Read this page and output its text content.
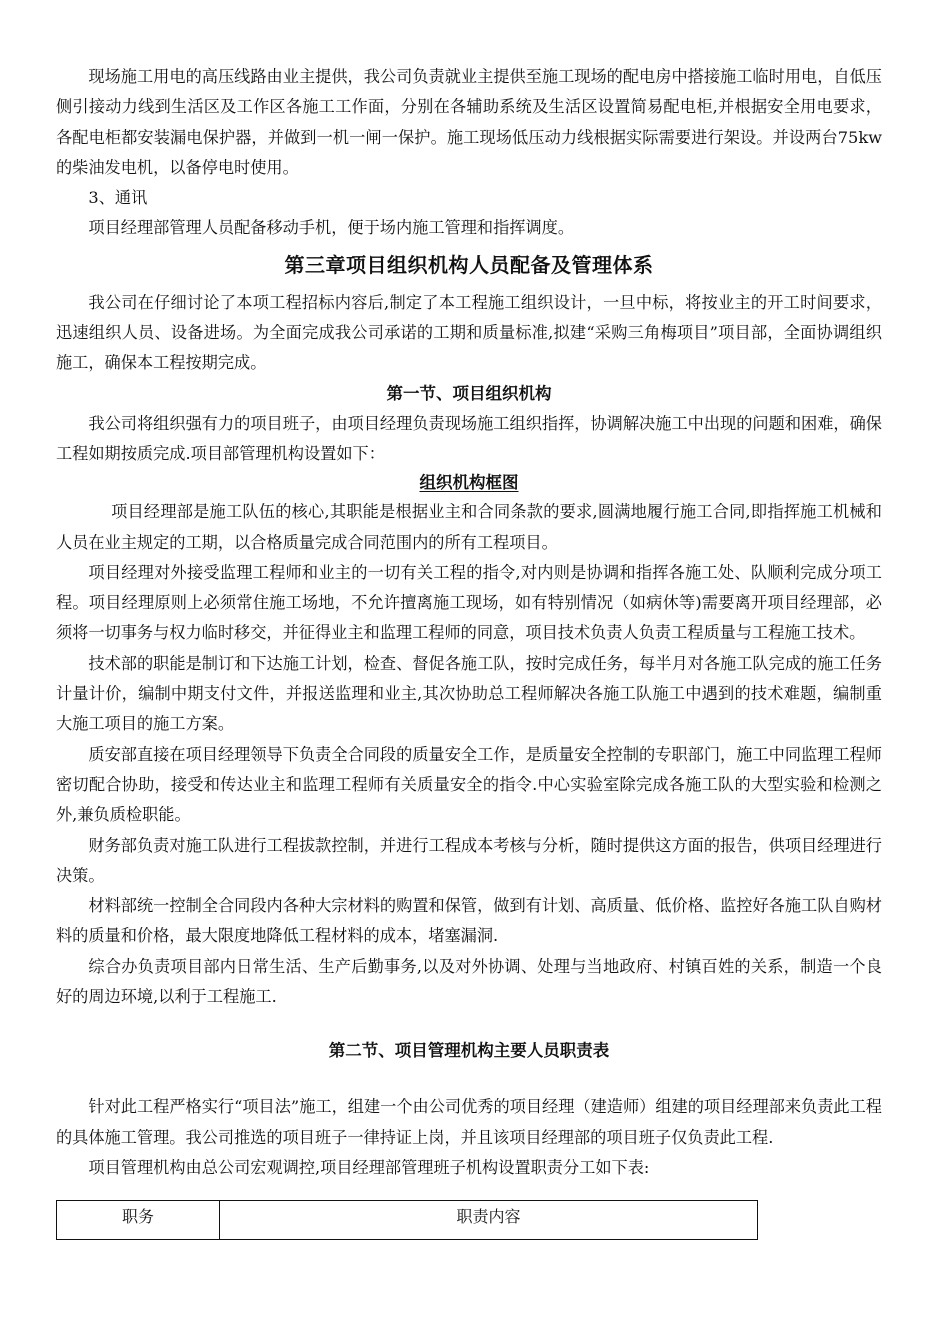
现场施工用电的高压线路由业主提供，我公司负责就业主提供至施工现场的配电房中搭接施工临时用电，自低压侧引接动力线到生活区及工作区各施工工作面，分别在各辅助系统及生活区设置简易配电柜,并根据安全用电要求，各配电柜都安装漏电保护器，并做到一机一闸一保护。施工现场低压动力线根据实际需要进行架设。并设两台75kw的柴油发电机，以备停电时使用。

3、通讯

项目经理部管理人员配备移动手机，便于场内施工管理和指挥调度。

第三章项目组织机构人员配备及管理体系

我公司在仔细讨论了本项工程招标内容后,制定了本工程施工组织设计，一旦中标，将按业主的开工时间要求，迅速组织人员、设备进场。为全面完成我公司承诺的工期和质量标准,拟建“采购三角梅项目”项目部，全面协调组织施工，确保本工程按期完成。

第一节、项目组织机构

我公司将组织强有力的项目班子，由项目经理负责现场施工组织指挥，协调解决施工中出现的问题和困难，确保工程如期按质完成.项目部管理机构设置如下：

组织机构框图

项目经理部是施工队伍的核心,其职能是根据业主和合同条款的要求,圆满地履行施工合同,即指挥施工机械和人员在业主规定的工期，以合格质量完成合同范围内的所有工程项目。

项目经理对外接受监理工程师和业主的一切有关工程的指令,对内则是协调和指挥各施工处、队顺利完成分项工程。项目经理原则上必须常住施工场地，不允许擅离施工现场，如有特别情况（如病休等)需要离开项目经理部，必须将一切事务与权力临时移交，并征得业主和监理工程师的同意，项目技术负责人负责工程质量与工程施工技术。

技术部的职能是制订和下达施工计划，检查、督促各施工队，按时完成任务，每半月对各施工队完成的施工任务计量计价，编制中期支付文件，并报送监理和业主,其次协助总工程师解决各施工队施工中遇到的技术难题，编制重大施工项目的施工方案。

质安部直接在项目经理领导下负责全合同段的质量安全工作，是质量安全控制的专职部门，施工中同监理工程师密切配合协助，接受和传达业主和监理工程师有关质量安全的指令.中心实验室除完成各施工队的大型实验和检测之外,兼负质检职能。

财务部负责对施工队进行工程拔款控制，并进行工程成本考核与分析，随时提供这方面的报告，供项目经理进行决策。

材料部统一控制全合同段内各种大宗材料的购置和保管，做到有计划、高质量、低价格、监控好各施工队自购材料的质量和价格，最大限度地降低工程材料的成本，堵塞漏洞.

综合办负责项目部内日常生活、生产后勤事务,以及对外协调、处理与当地政府、村镇百姓的关系，制造一个良好的周边环境,以利于工程施工.

第二节、项目管理机构主要人员职责表

针对此工程严格实行“项目法”施工，组建一个由公司优秀的项目经理（建造师）组建的项目经理部来负责此工程的具体施工管理。我公司推选的项目班子一律持证上岗，并且该项目经理部的项目班子仅负责此工程.

项目管理机构由总公司宏观调控,项目经理部管理班子机构设置职责分工如下表:

职务	职责内容
